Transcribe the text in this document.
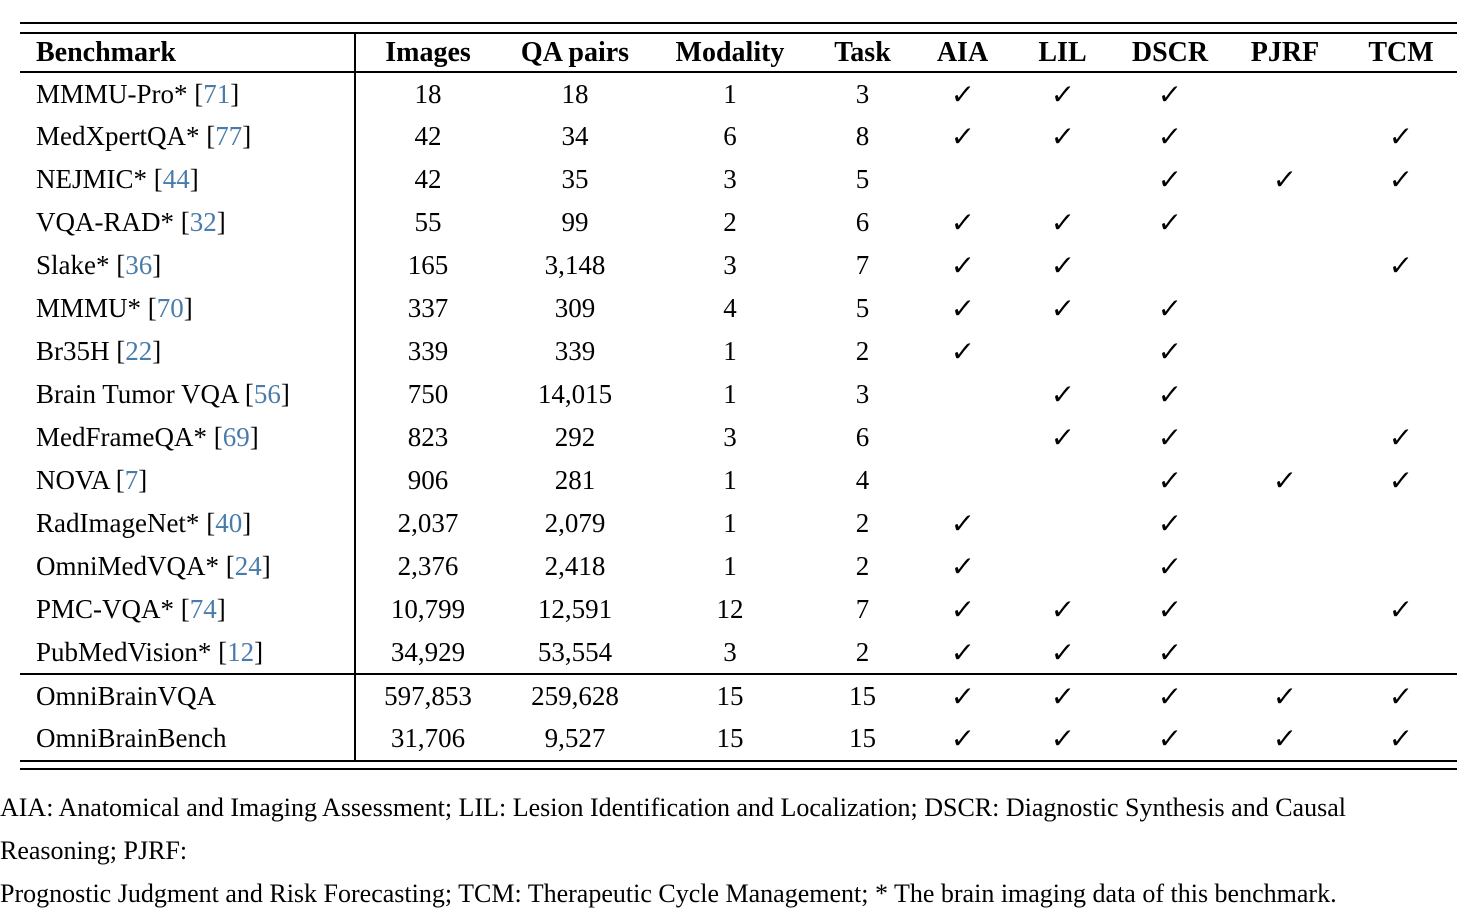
Benchmark	Images	QA pairs	Modality	Task	AIA	LIL	DSCR	PJRF	TCM
MMMU-Pro* [71]	18	18	1	3	✓	✓	✓		
MedXpertQA* [77]	42	34	6	8	✓	✓	✓		✓
NEJMIC* [44]	42	35	3	5			✓	✓	✓
VQA-RAD* [32]	55	99	2	6	✓	✓	✓		
Slake* [36]	165	3,148	3	7	✓	✓			✓
MMMU* [70]	337	309	4	5	✓	✓	✓		
Br35H [22]	339	339	1	2	✓		✓		
Brain Tumor VQA [56]	750	14,015	1	3		✓	✓		
MedFrameQA* [69]	823	292	3	6		✓	✓		✓
NOVA [7]	906	281	1	4			✓	✓	✓
RadImageNet* [40]	2,037	2,079	1	2	✓		✓		
OmniMedVQA* [24]	2,376	2,418	1	2	✓		✓		
PMC-VQA* [74]	10,799	12,591	12	7	✓	✓	✓		✓
PubMedVision* [12]	34,929	53,554	3	2	✓	✓	✓		
OmniBrainVQA	597,853	259,628	15	15	✓	✓	✓	✓	✓
OmniBrainBench	31,706	9,527	15	15	✓	✓	✓	✓	✓
AIA: Anatomical and Imaging Assessment; LIL: Lesion Identification and Localization; DSCR: Diagnostic Synthesis and Causal Reasoning; PJRF:
Prognostic Judgment and Risk Forecasting; TCM: Therapeutic Cycle Management; * The brain imaging data of this benchmark.
